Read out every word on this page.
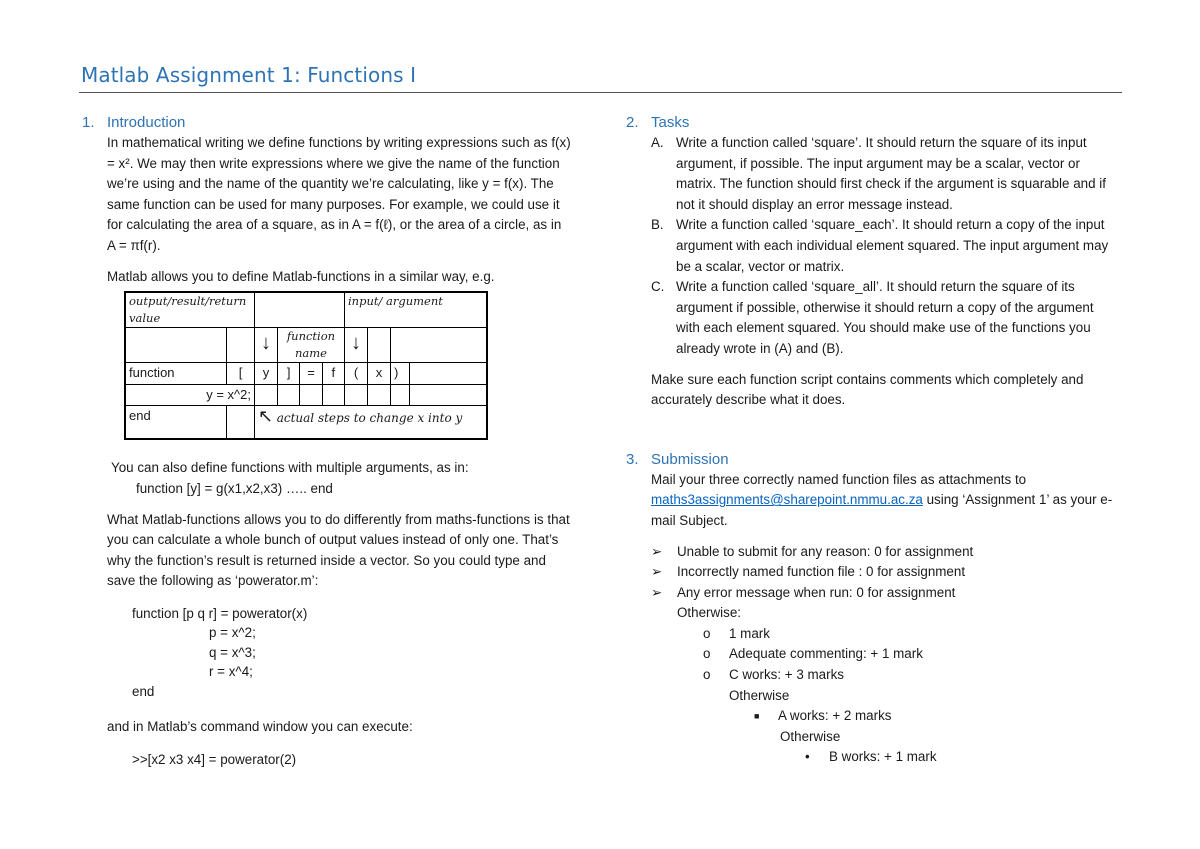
Matlab Assignment 1: Functions I
1. Introduction

In mathematical writing we define functions by writing expressions such as f(x) = x². We may then write expressions where we give the name of the function we’re using and the name of the quantity we’re calculating, like y = f(x). The same function can be used for many purposes. For example, we could use it for calculating the area of a square, as in A = f(ℓ), or the area of a circle, as in A = πf(r).

Matlab allows you to define Matlab-functions in a similar way, e.g.

output/result/return value						input/ argument			
		↓	function name			↓			
function	[	y	]	=	f	(	x	)	
y = x^2;									
end		↖ actual steps to change x into y							

You can also define functions with multiple arguments, as in:

function [y] = g(x1,x2,x3) ….. end

What Matlab-functions allows you to do differently from maths-functions is that you can calculate a whole bunch of output values instead of only one. That’s why the function’s result is returned inside a vector. So you could type and save the following as ‘powerator.m’:

function [p q r] = powerator(x)
p = x^2;
q = x^3;
r = x^4;
end

and in Matlab’s command window you can execute:

>>[x2 x3 x4] = powerator(2)

2. Tasks
A. Write a function called ‘square’. It should return the square of its input argument, if possible. The input argument may be a scalar, vector or matrix. The function should first check if the argument is squarable and if not it should display an error message instead.
B. Write a function called ‘square_each’. It should return a copy of the input argument with each individual element squared. The input argument may be a scalar, vector or matrix.
C. Write a function called ‘square_all’. It should return the square of its argument if possible, otherwise it should return a copy of the argument with each element squared. You should make use of the functions you already wrote in (A) and (B).

Make sure each function script contains comments which completely and accurately describe what it does.

3. Submission

Mail your three correctly named function files as attachments to maths3assignments@sharepoint.nmmu.ac.za using ‘Assignment 1’ as your e-mail Subject.

➢	Unable to submit for any reason: 0 for assignment
➢	Incorrectly named function file : 0 for assignment
➢	Any error message when run: 0 for assignment
Otherwise:
o	1 mark
o	Adequate commenting: + 1 mark
o	C works: + 3 marks
Otherwise
■	A works: + 2 marks
Otherwise
•	B works: + 1 mark
